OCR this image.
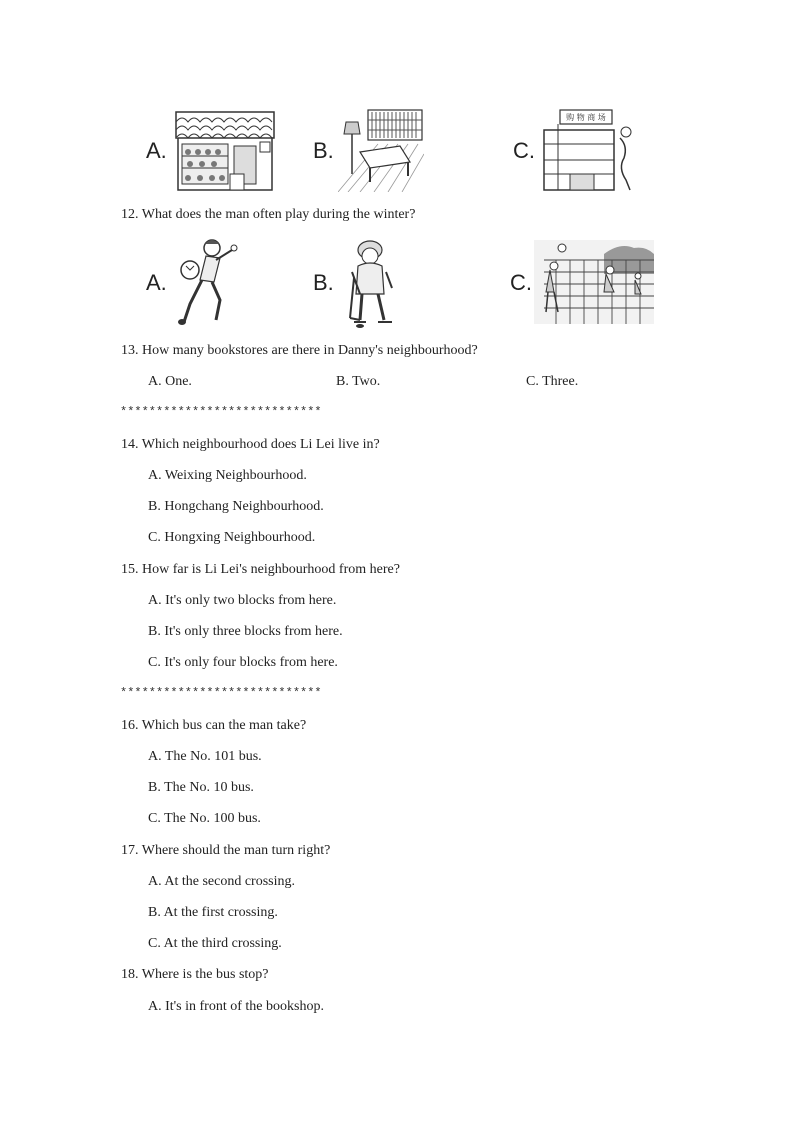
A.	B.	C.
购 物 商 场
12. What does the man often play during the winter?
A.	B.	C.
13. How many bookstores are there in Danny's neighbourhood?
A. One.	B. Two.	C. Three.
****************************
14. Which neighbourhood does Li Lei live in?
A. Weixing Neighbourhood.
B. Hongchang Neighbourhood.
C. Hongxing Neighbourhood.
15. How far is Li Lei's neighbourhood from here?
A. It's only two blocks from here.
B. It's only three blocks from here.
C. It's only four blocks from here.
****************************
16. Which bus can the man take?
A. The No. 101 bus.
B. The No. 10 bus.
C. The No. 100 bus.
17. Where should the man turn right?
A. At the second crossing.
B. At the first crossing.
C. At the third crossing.
18. Where is the bus stop?
A. It's in front of the bookshop.
